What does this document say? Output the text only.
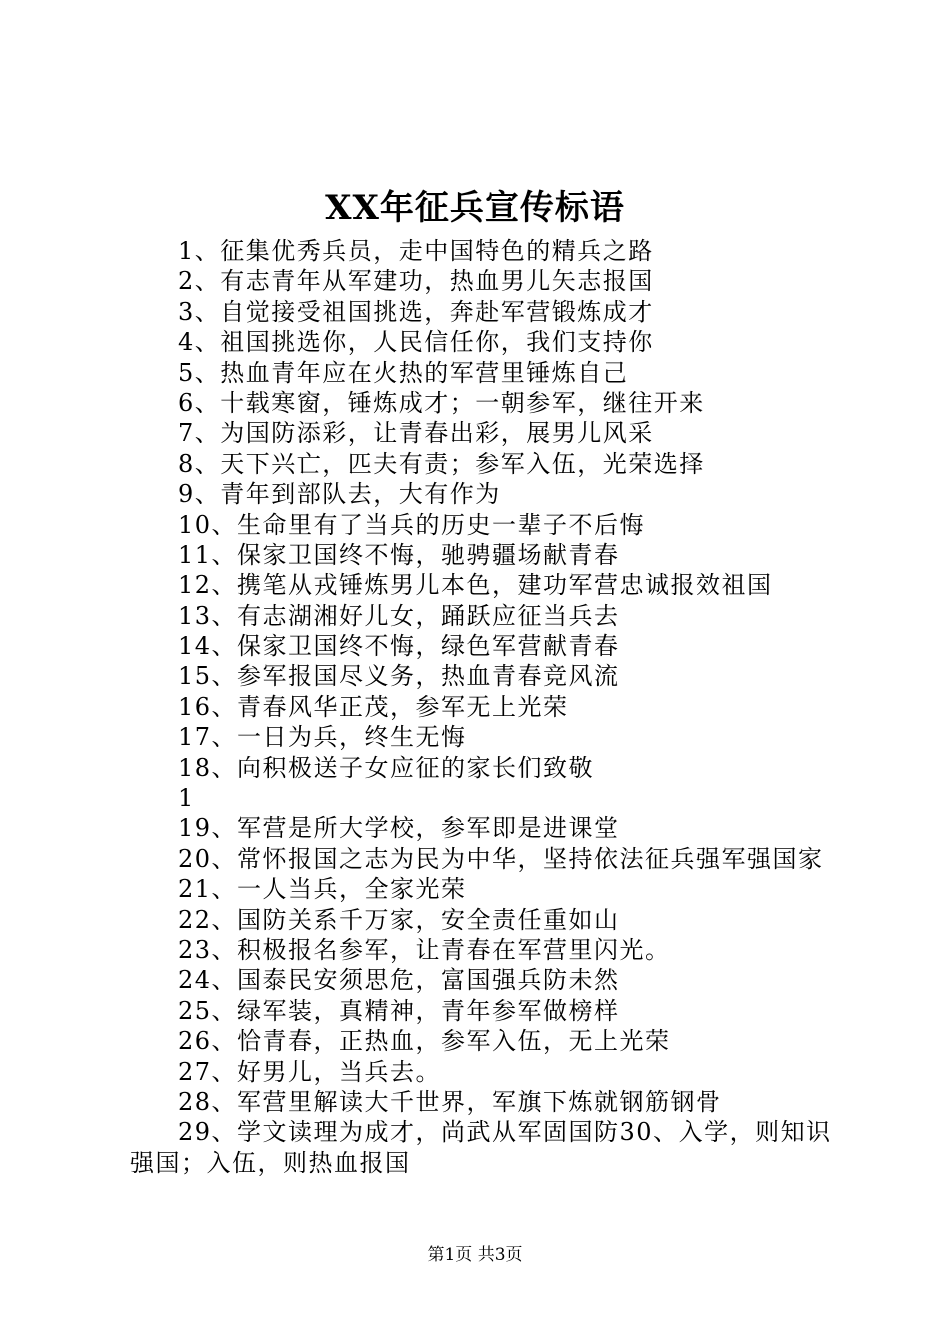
XX年征兵宣传标语
1、征集优秀兵员，走中国特色的精兵之路
2、有志青年从军建功，热血男儿矢志报国
3、自觉接受祖国挑选，奔赴军营锻炼成才
4、祖国挑选你，人民信任你，我们支持你
5、热血青年应在火热的军营里锤炼自己
6、十载寒窗，锤炼成才；一朝参军，继往开来
7、为国防添彩，让青春出彩，展男儿风采
8、天下兴亡，匹夫有责；参军入伍，光荣选择
9、青年到部队去，大有作为
10、生命里有了当兵的历史一辈子不后悔
11、保家卫国终不悔，驰骋疆场献青春
12、携笔从戎锤炼男儿本色，建功军营忠诚报效祖国
13、有志湖湘好儿女，踊跃应征当兵去
14、保家卫国终不悔，绿色军营献青春
15、参军报国尽义务，热血青春竞风流
16、青春风华正茂，参军无上光荣
17、一日为兵，终生无悔
18、向积极送子女应征的家长们致敬
1
19、军营是所大学校，参军即是进课堂
20、常怀报国之志为民为中华，坚持依法征兵强军强国家
21、一人当兵，全家光荣
22、国防关系千万家，安全责任重如山
23、积极报名参军，让青春在军营里闪光。
24、国泰民安须思危，富国强兵防未然
25、绿军装，真精神，青年参军做榜样
26、恰青春，正热血，参军入伍，无上光荣
27、好男儿，当兵去。
28、军营里解读大千世界，军旗下炼就钢筋钢骨
29、学文读理为成才，尚武从军固国防30、入学，则知识强国；入伍，则热血报国
第1页 共3页
